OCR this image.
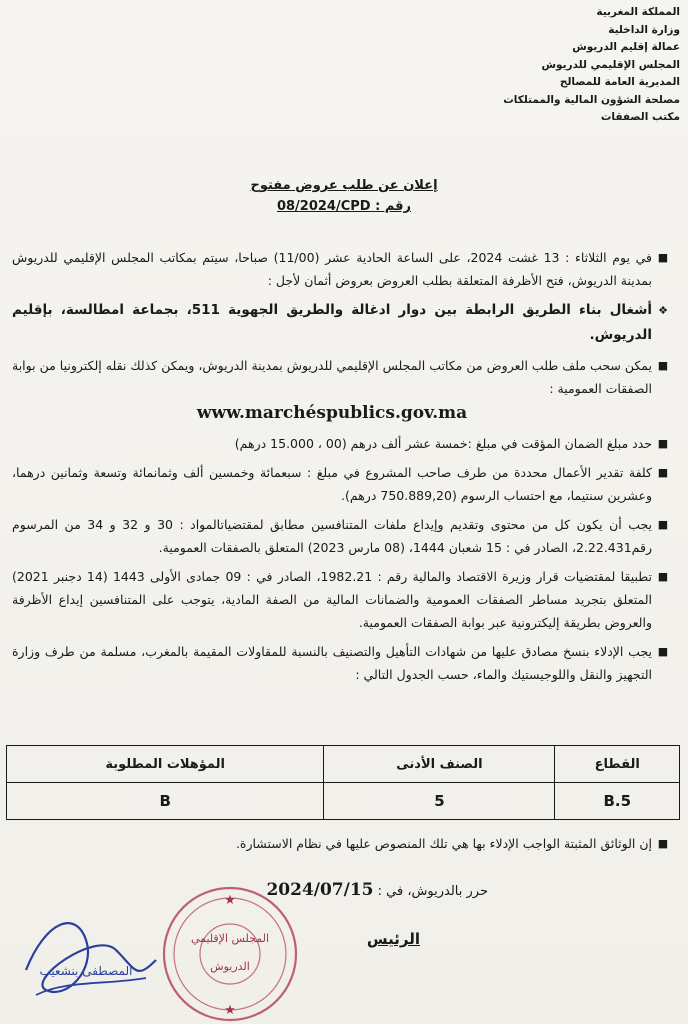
المملكة المغربية
وزارة الداخلية
عمالة إقليم الدريوش
المجلس الإقليمي للدريوش
المديرية العامة للمصالح
مصلحة الشؤون المالية والممتلكات
مكتب الصفقات
إعلان عن طلب عروض مفتوح
رقم : 08/2024/CPD
■
في يوم الثلاثاء : 13 غشت 2024، على الساعة الحادية عشر (11/00) صباحا، سيتم بمكاتب المجلس الإقليمي للدريوش بمدينة الدريوش، فتح الأظرفة المتعلقة بطلب العروض بعروض أثمان لأجل :
❖
أشغال بناء الطريق الرابطة بين دوار ادغالة والطريق الجهوية 511، بجماعة امطالسة، بإقليم الدريوش.
■
يمكن سحب ملف طلب العروض من مكاتب المجلس الإقليمي للدريوش بمدينة الدريوش، ويمكن كذلك نقله إلكترونيا من بوابة الصفقات العمومية :
www.marchéspublics.gov.ma
■
حدد مبلغ الضمان المؤقت في مبلغ :خمسة عشر ألف درهم (00 ، 15.000 درهم)
■
كلفة تقدير الأعمال محددة من طرف صاحب المشروع في مبلغ : سبعمائة وخمسين ألف وثمانمائة وتسعة وثمانين درهما، وعشرين سنتيما، مع احتساب الرسوم (750.889,20 درهم).
■
يجب أن يكون كل من محتوى وتقديم وإيداع ملفات المتنافسين مطابق لمقتضياتالمواد : 30 و 32 و 34 من المرسوم رقم2.22.431، الصادر في : 15 شعبان 1444، (08 مارس 2023) المتعلق بالصفقات العمومية.
■
تطبيقا لمقتضيات قرار وزيرة الاقتصاد والمالية رقم : 1982.21، الصادر في : 09 جمادى الأولى 1443 (14 دجنبر 2021) المتعلق بتجريد مساطر الصفقات العمومية والضمانات المالية من الصفة المادية، يتوجب على المتنافسين إيداع الأظرفة والعروض بطريقة إليكترونية عبر بوابة الصفقات العمومية.
■
يجب الإدلاء بنسخ مصادق عليها من شهادات التأهيل والتصنيف بالنسبة للمقاولات المقيمة بالمغرب، مسلمة من طرف وزارة التجهيز والنقل واللوجيستيك والماء، حسب الجدول التالي :
القطاع	الصنف الأدنى	المؤهلات المطلوبة
B.5	5	B
■
إن الوثائق المثبتة الواجب الإدلاء بها هي تلك المنصوص عليها في نظام الاستشارة.
حرر بالدريوش، في : 2024/07/15
الرئيس
المجلس الإقليمي
الدريوش
★
★
المصطفى بنشعيب
